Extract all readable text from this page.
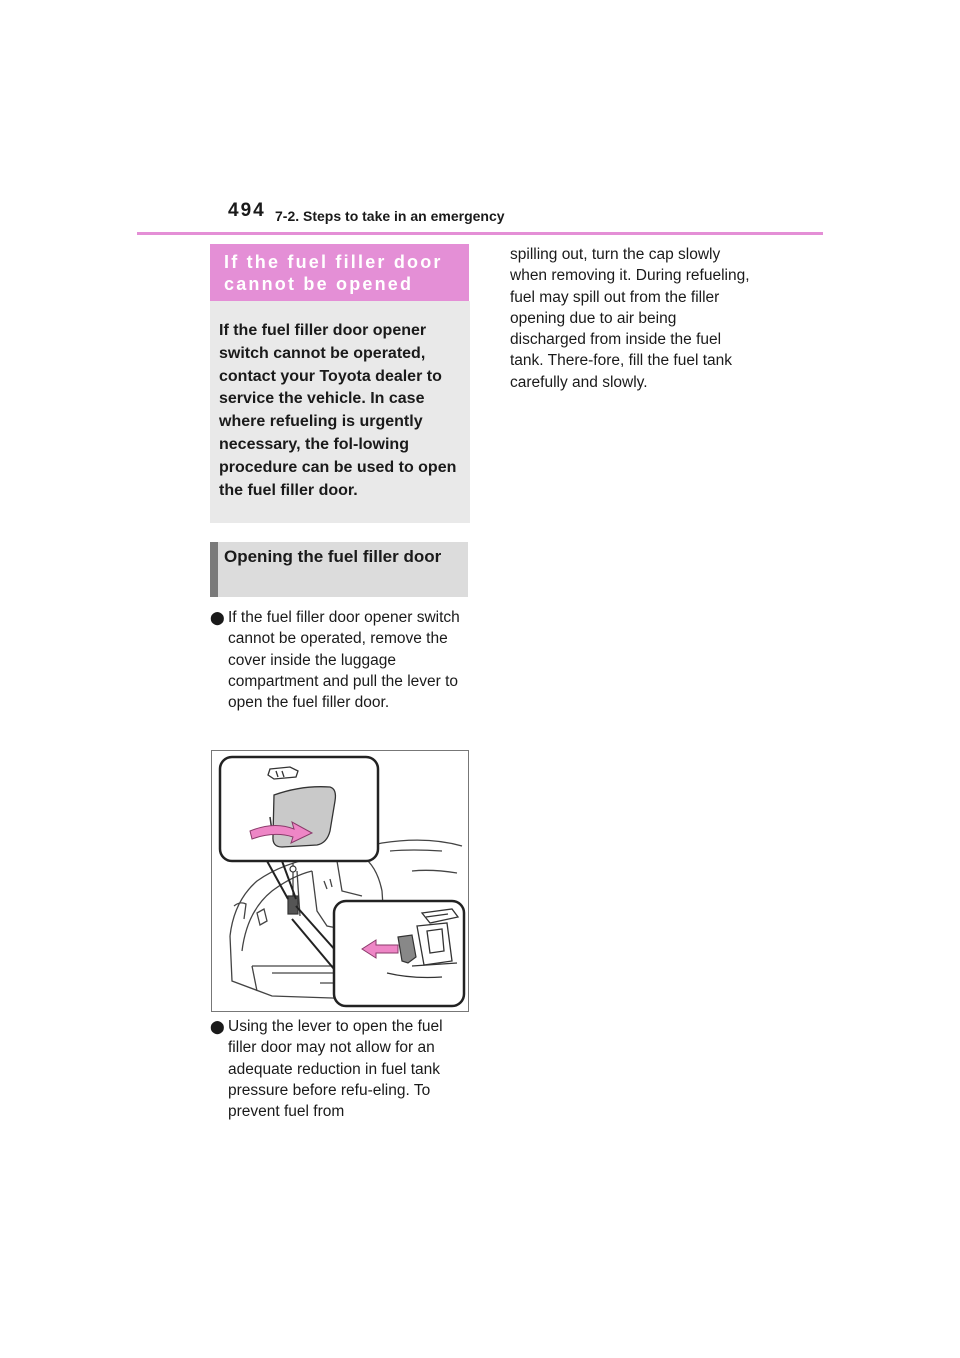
494 7-2. Steps to take in an emergency
If the fuel filler door cannot be opened
If the fuel filler door opener switch cannot be operated, contact your Toyota dealer to service the vehicle. In case where refueling is urgently necessary, the fol-lowing procedure can be used to open the fuel filler door.
Opening the fuel filler door
⬤ If the fuel filler door opener switch cannot be operated, remove the cover inside the luggage compartment and pull the lever to open the fuel filler door.
⬤ Using the lever to open the fuel filler door may not allow for an adequate reduction in fuel tank pressure before refu-eling. To prevent fuel from
spilling out, turn the cap slowly when removing it. During refueling, fuel may spill out from the filler opening due to air being discharged from inside the fuel tank. There-fore, fill the fuel tank carefully and slowly.
